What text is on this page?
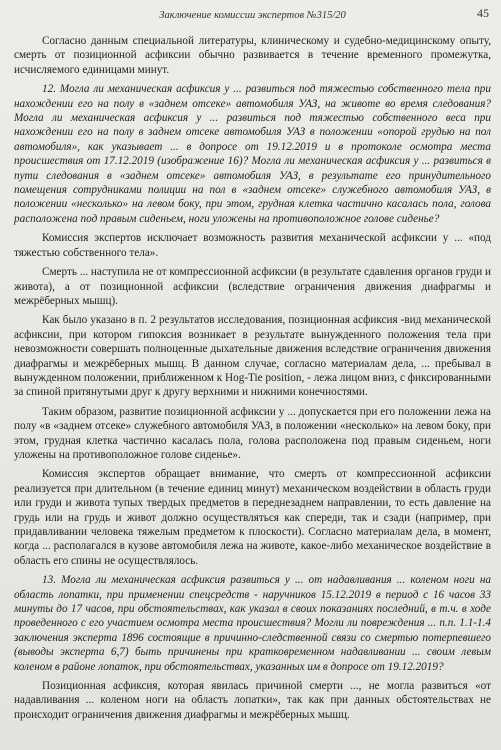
Заключение комиссии экспертов №315/20	45

Согласно данным специальной литературы, клиническому и судебно-медицинскому опыту, смерть от позиционной асфиксии обычно развивается в течение временного промежутка, исчисляемого единицами минут.

12. Могла ли механическая асфиксия у ... развиться под тяжестью собственного тела при нахождении его на полу в «заднем отсеке» автомобиля УАЗ, на животе во время следования? Могла ли механическая асфиксия у ... развиться под тяжестью собственного веса при нахождении его на полу в заднем отсеке автомобиля УАЗ в положении «опорой грудью на пол автомобиля», как указывает ... в допросе от 19.12.2019 и в протоколе осмотра места происшествия от 17.12.2019 (изображение 16)? Могла ли механическая асфиксия у ... развиться в пути следования в «заднем отсеке» автомобиля УАЗ, в результате его принудительного помещения сотрудниками полиции на пол в «заднем отсеке» служебного автомобиля УАЗ, в положении «несколько» на левом боку, при этом, грудная клетка частично касалась пола, голова расположена под правым сиденьем, ноги уложены на противоположное голове сиденье?

Комиссия экспертов исключает возможность развития механической асфиксии у ... «под тяжестью собственного тела».

Смерть ... наступила не от компрессионной асфиксии (в результате сдавления органов груди и живота), а от позиционной асфиксии (вследствие ограничения движения диафрагмы и межрёберных мышц).

Как было указано в п. 2 результатов исследования, позиционная асфиксия -вид механической асфиксии, при котором гипоксия возникает в результате вынужденного положения тела при невозможности совершать полноценные дыхательные движения вследствие ограничения движения диафрагмы и межрёберных мышц. В данном случае, согласно материалам дела, ... пребывал в вынужденном положении, приближенном к Hog-Tie position, - лежа лицом вниз, с фиксированными за спиной притянутыми друг к другу верхними и нижними конечностями.

Таким образом, развитие позиционной асфиксии у ... допускается при его положении лежа на полу «в «заднем отсеке» служебного автомобиля УАЗ, в положении «несколько» на левом боку, при этом, грудная клетка частично касалась пола, голова расположена под правым сиденьем, ноги уложены на противоположное голове сиденье».

Комиссия экспертов обращает внимание, что смерть от компрессионной асфиксии реализуется при длительном (в течение единиц минут) механическом воздействии в область груди или груди и живота тупых твердых предметов в переднезаднем направлении, то есть давление на грудь или на грудь и живот должно осуществляться как спереди, так и сзади (например, при придавливании человека тяжелым предметом к плоскости). Согласно материалам дела, в момент, когда ... располагался в кузове автомобиля лежа на животе, какое-либо механическое воздействие в область его спины не осуществлялось.

13. Могла ли механическая асфиксия развиться у ... от надавливания ... коленом ноги на область лопатки, при применении спецсредств - наручников 15.12.2019 в период с 16 часов 33 минуты до 17 часов, при обстоятельствах, как указал в своих показаниях последний, в т.ч. в ходе проведенного с его участием осмотра места происшествия? Могли ли повреждения ... п.п. 1.1-1.4 заключения эксперта 1896 состоящие в причинно-следственной связи со смертью потерпевшего (выводы эксперта 6,7) быть причинены при кратковременном надавливании ... своим левым коленом в районе лопаток, при обстоятельствах, указанных им в допросе от 19.12.2019?

Позиционная асфиксия, которая явилась причиной смерти ..., не могла развиться «от надавливания ... коленом ноги на область лопатки», так как при данных обстоятельствах не происходит ограничения движения диафрагмы и межрёберных мышц.
